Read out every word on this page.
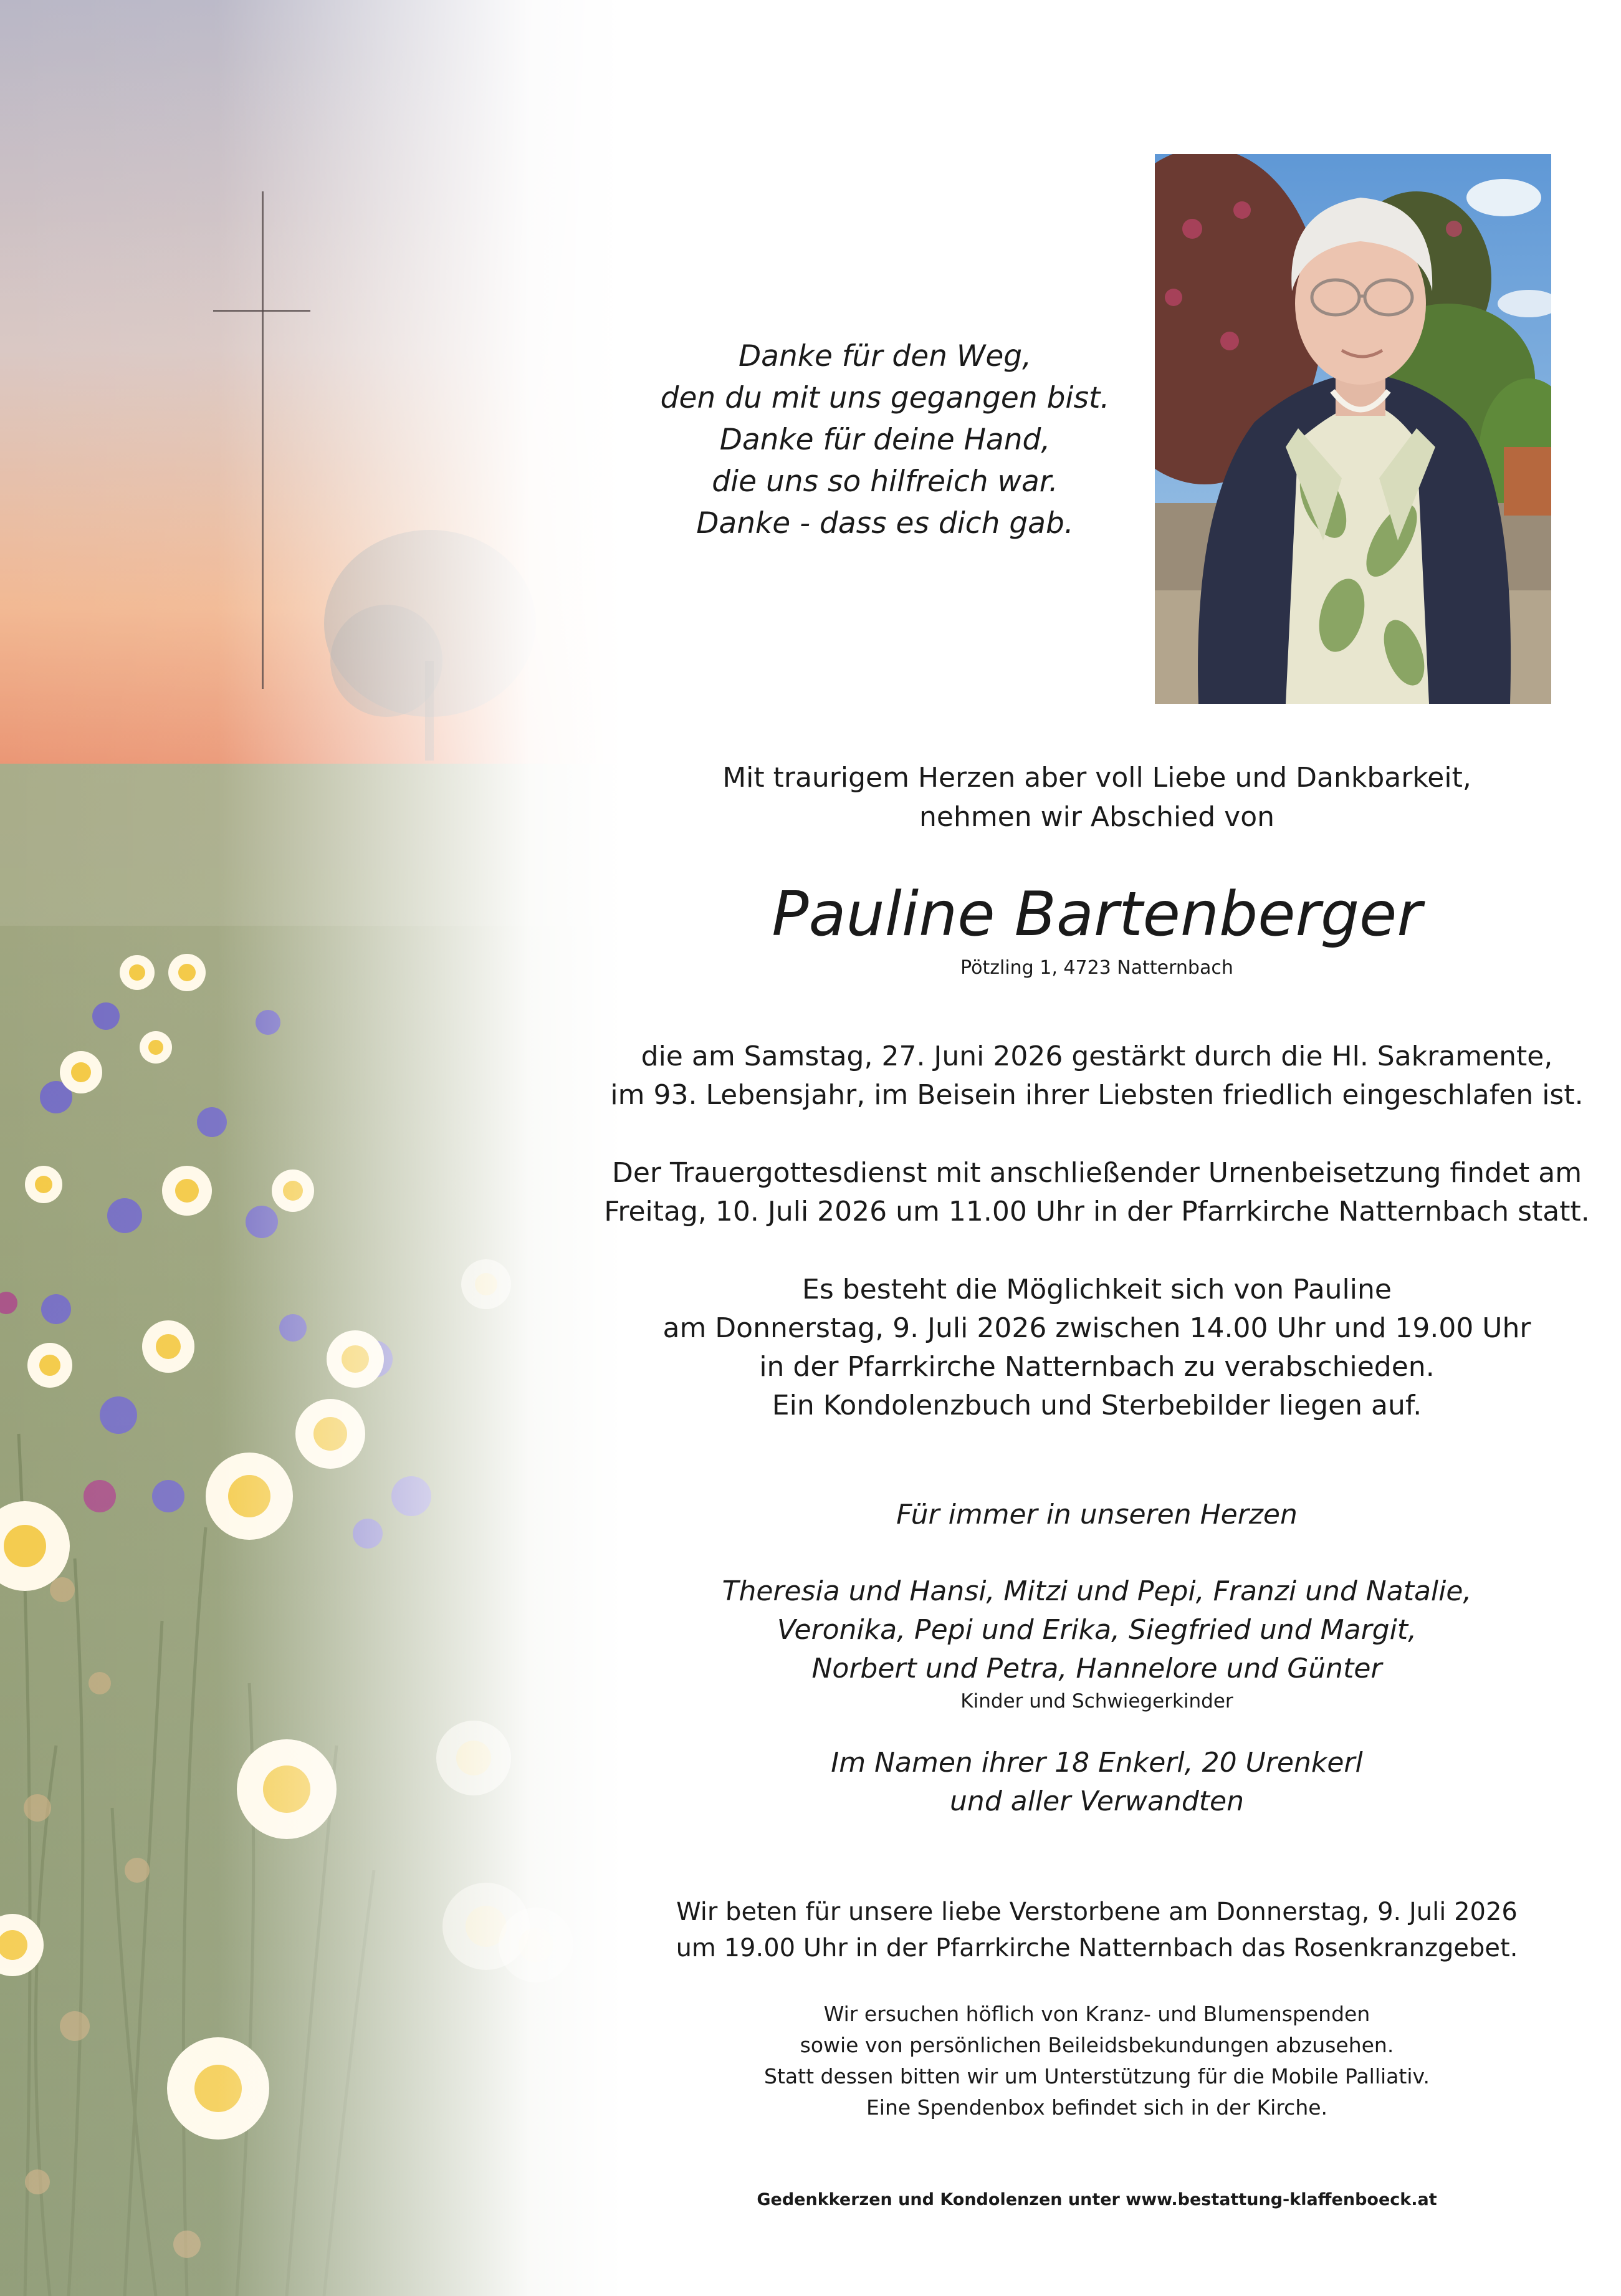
Danke für den Weg,
den du mit uns gegangen bist.
Danke für deine Hand,
die uns so hilfreich war.
Danke - dass es dich gab.
Mit traurigem Herzen aber voll Liebe und Dankbarkeit,
nehmen wir Abschied von
Pauline Bartenberger
Pötzling 1, 4723 Natternbach
die am Samstag, 27. Juni 2026 gestärkt durch die Hl. Sakramente,
im 93. Lebensjahr, im Beisein ihrer Liebsten friedlich eingeschlafen ist.
Der Trauergottesdienst mit anschließender Urnenbeisetzung findet am
Freitag, 10. Juli 2026 um 11.00 Uhr in der Pfarrkirche Natternbach statt.
Es besteht die Möglichkeit sich von Pauline
am Donnerstag, 9. Juli 2026 zwischen 14.00 Uhr und 19.00 Uhr
in der Pfarrkirche Natternbach zu verabschieden.
Ein Kondolenzbuch und Sterbebilder liegen auf.
Für immer in unseren Herzen
Theresia und Hansi, Mitzi und Pepi, Franzi und Natalie,
Veronika, Pepi und Erika, Siegfried und Margit,
Norbert und Petra, Hannelore und Günter
Kinder und Schwiegerkinder
Im Namen ihrer 18 Enkerl, 20 Urenkerl
und aller Verwandten
Wir beten für unsere liebe Verstorbene am Donnerstag, 9. Juli 2026
um 19.00 Uhr in der Pfarrkirche Natternbach das Rosenkranzgebet.
Wir ersuchen höflich von Kranz- und Blumenspenden
sowie von persönlichen Beileidsbekundungen abzusehen.
Statt dessen bitten wir um Unterstützung für die Mobile Palliativ.
Eine Spendenbox befindet sich in der Kirche.
Gedenkkerzen und Kondolenzen unter www.bestattung-klaffenboeck.at
